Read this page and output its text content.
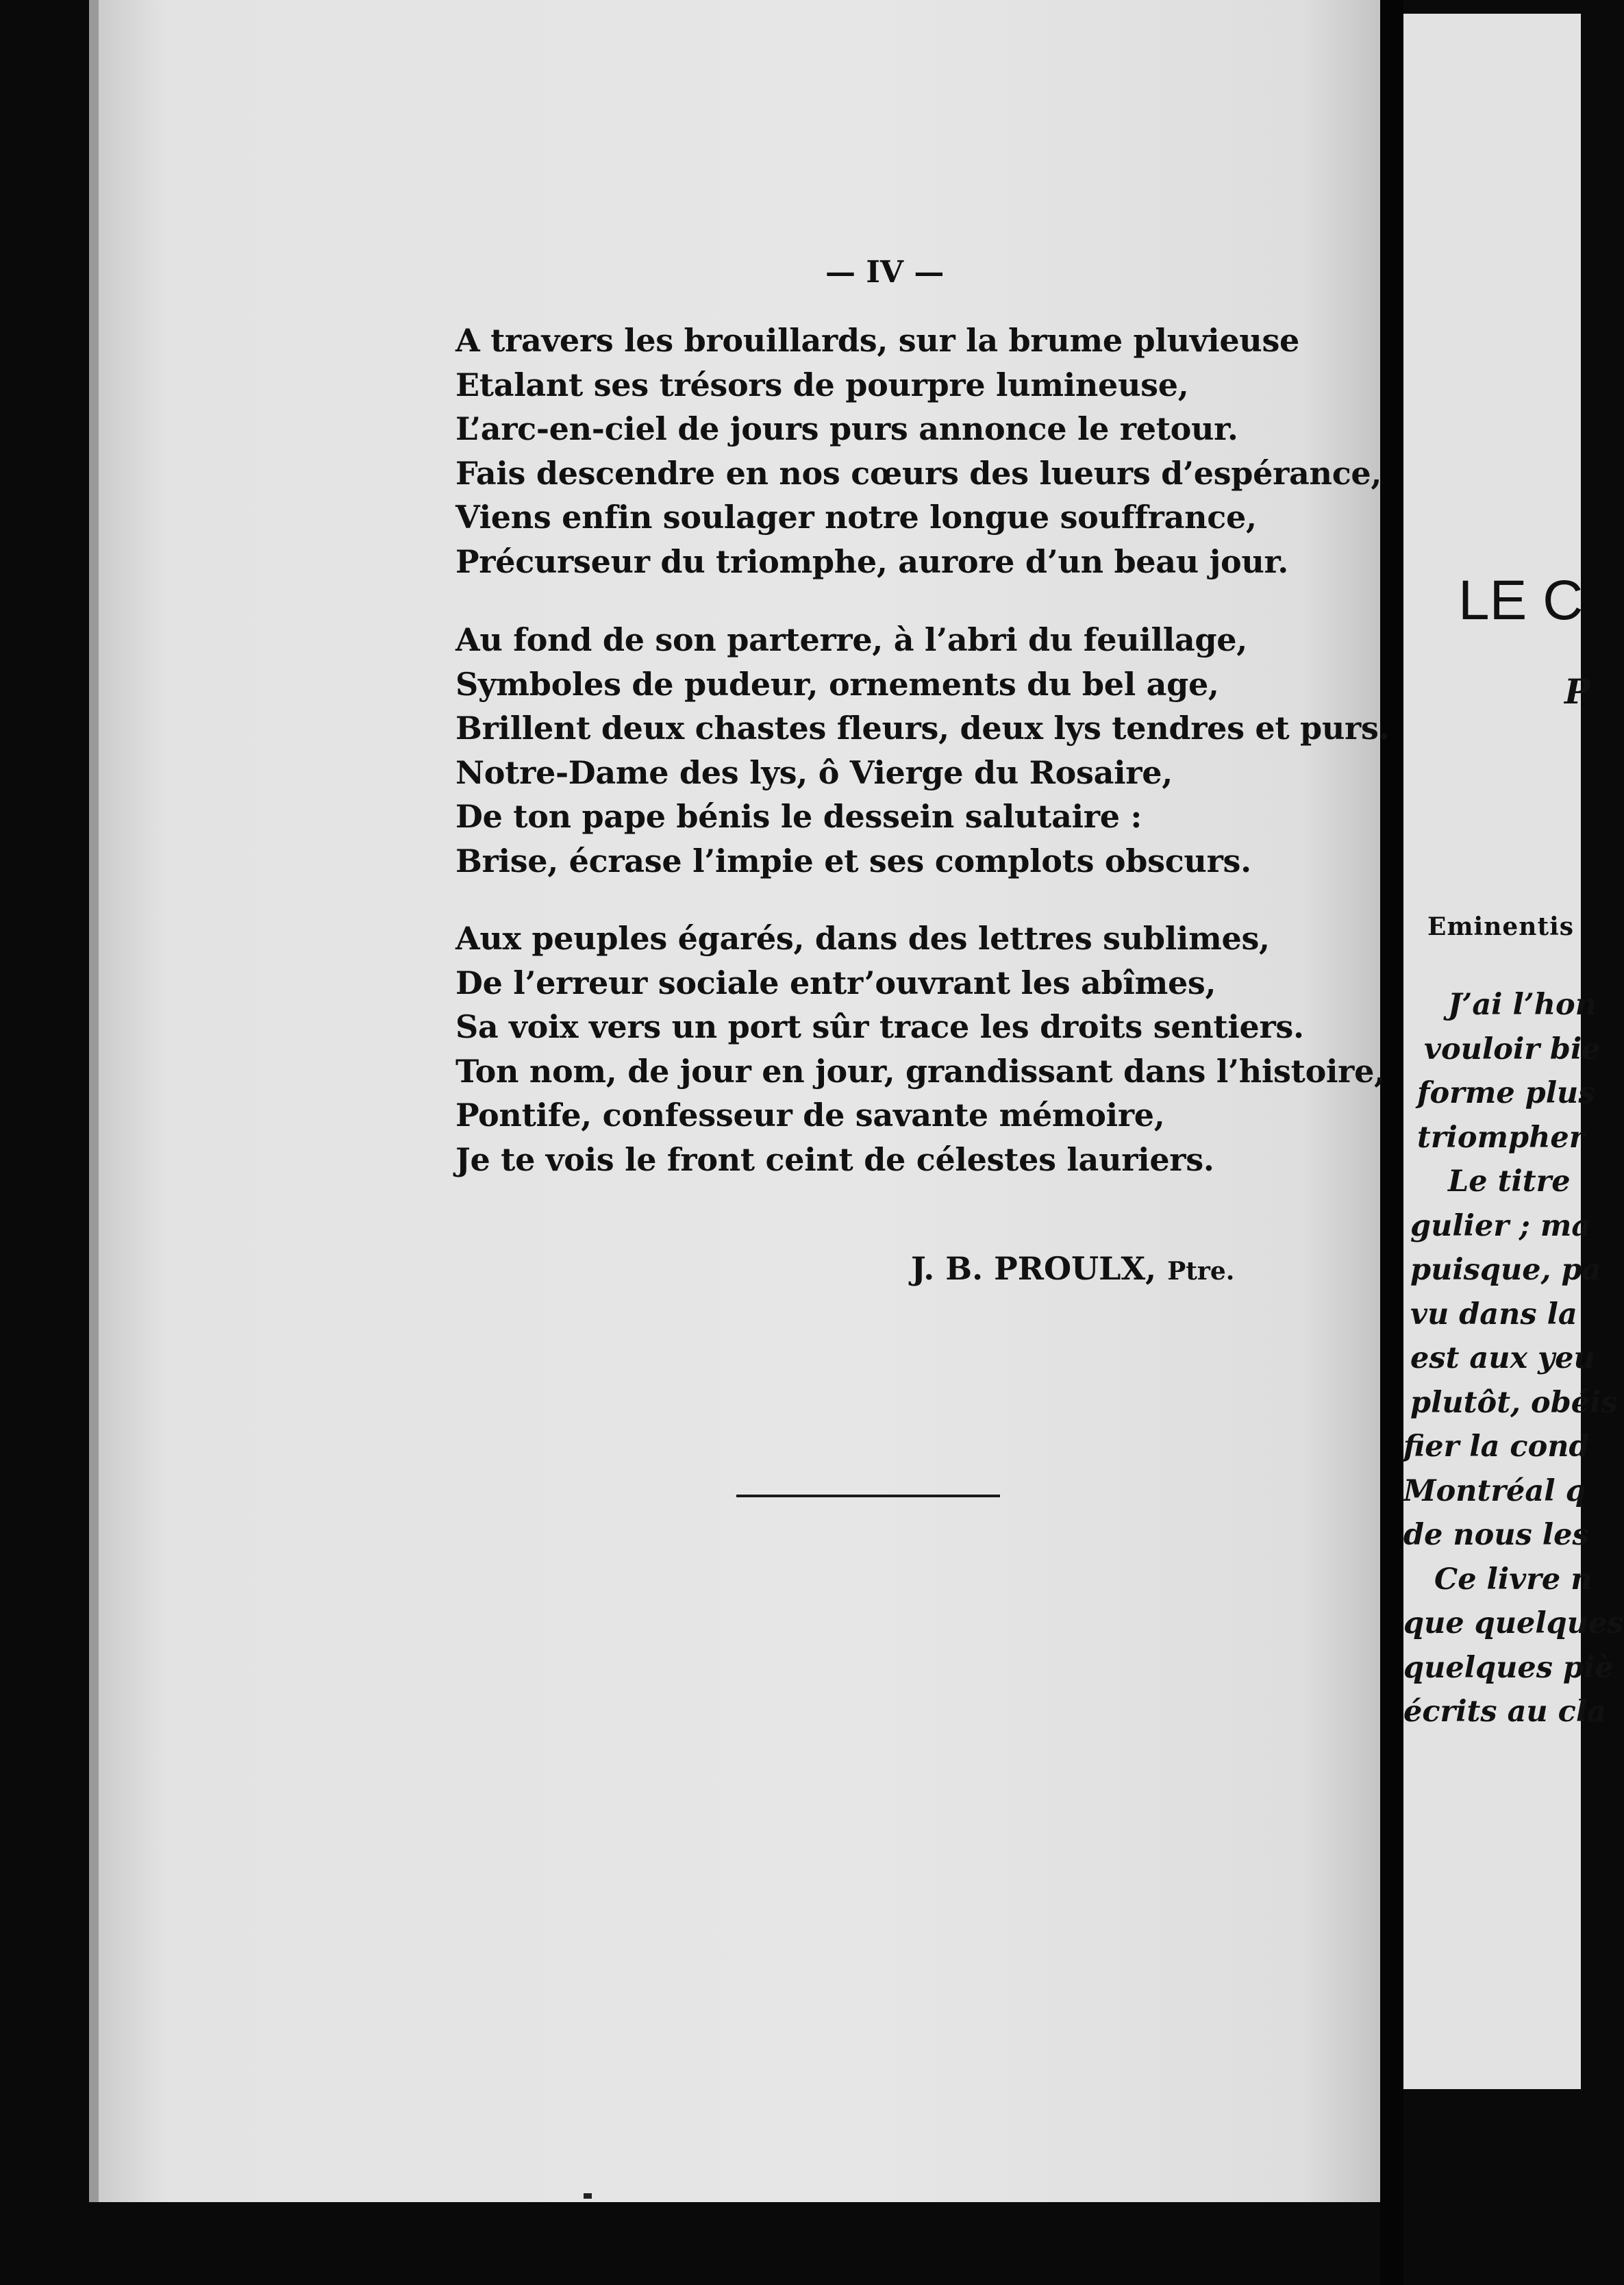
— IV —
A travers les brouillards, sur la brume pluvieuse
Etalant ses trésors de pourpre lumineuse,
L’arc-en-ciel de jours purs annonce le retour.
Fais descendre en nos cœurs des lueurs d’espérance,
Viens enfin soulager notre longue souffrance,
Précurseur du triomphe, aurore d’un beau jour.
Au fond de son parterre, à l’abri du feuillage,
Symboles de pudeur, ornements du bel age,
Brillent deux chastes fleurs, deux lys tendres et purs.
Notre-Dame des lys, ô Vierge du Rosaire,
De ton pape bénis le dessein salutaire :
Brise, écrase l’impie et ses complots obscurs.
Aux peuples égarés, dans des lettres sublimes,
De l’erreur sociale entr’ouvrant les abîmes,
Sa voix vers un port sûr trace les droits sentiers.
Ton nom, de jour en jour, grandissant dans l’histoire,
Pontife, confesseur de savante mémoire,
Je te vois le front ceint de célestes lauriers.
J. B. PROULX, Ptre.
LE C
P
Eminentis
J’ai l’hon
vouloir bie
forme plus
triompher
Le titre
gulier ; ma
puisque, pa
vu dans la
est aux yeu
plutôt, obéis
fier la cond
Montréal q
de nous les
Ce livre n
que quelques
quelques piè
écrits au cla
